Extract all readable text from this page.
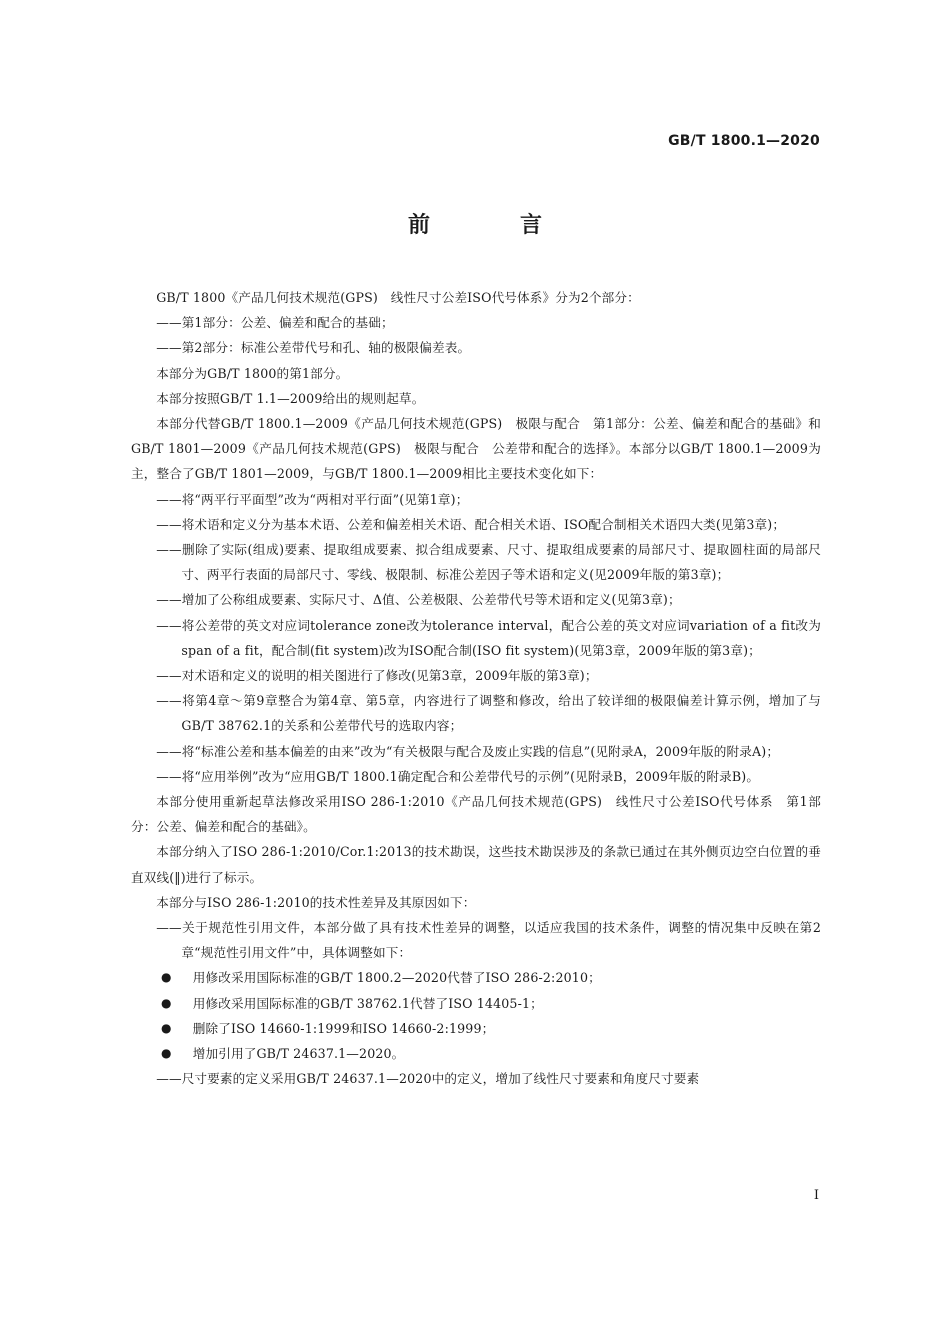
GB/T 1800.1—2020
前　言

GB/T 1800《产品几何技术规范(GPS)　线性尺寸公差ISO代号体系》分为2个部分：

——第1部分：公差、偏差和配合的基础；

——第2部分：标准公差带代号和孔、轴的极限偏差表。

本部分为GB/T 1800的第1部分。

本部分按照GB/T 1.1—2009给出的规则起草。

本部分代替GB/T 1800.1—2009《产品几何技术规范(GPS)　极限与配合　第1部分：公差、偏差和配合的基础》和GB/T 1801—2009《产品几何技术规范(GPS)　极限与配合　公差带和配合的选择》。本部分以GB/T 1800.1—2009为主，整合了GB/T 1801—2009，与GB/T 1800.1—2009相比主要技术变化如下：

——将“两平行平面型”改为“两相对平行面”(见第1章)；

——将术语和定义分为基本术语、公差和偏差相关术语、配合相关术语、ISO配合制相关术语四大类(见第3章)；

——删除了实际(组成)要素、提取组成要素、拟合组成要素、尺寸、提取组成要素的局部尺寸、提取圆柱面的局部尺寸、两平行表面的局部尺寸、零线、极限制、标准公差因子等术语和定义(见2009年版的第3章)；

——增加了公称组成要素、实际尺寸、Δ值、公差极限、公差带代号等术语和定义(见第3章)；

——将公差带的英文对应词tolerance zone改为tolerance interval，配合公差的英文对应词variation of a fit改为span of a fit，配合制(fit system)改为ISO配合制(ISO fit system)(见第3章，2009年版的第3章)；

——对术语和定义的说明的相关图进行了修改(见第3章，2009年版的第3章)；

——将第4章～第9章整合为第4章、第5章，内容进行了调整和修改，给出了较详细的极限偏差计算示例，增加了与GB/T 38762.1的关系和公差带代号的选取内容；

——将“标准公差和基本偏差的由来”改为“有关极限与配合及废止实践的信息”(见附录A，2009年版的附录A)；

——将“应用举例”改为“应用GB/T 1800.1确定配合和公差带代号的示例”(见附录B，2009年版的附录B)。

本部分使用重新起草法修改采用ISO 286-1:2010《产品几何技术规范(GPS)　线性尺寸公差ISO代号体系　第1部分：公差、偏差和配合的基础》。

本部分纳入了ISO 286-1:2010/Cor.1:2013的技术勘误，这些技术勘误涉及的条款已通过在其外侧页边空白位置的垂直双线(‖)进行了标示。

本部分与ISO 286-1:2010的技术性差异及其原因如下：

——关于规范性引用文件，本部分做了具有技术性差异的调整，以适应我国的技术条件，调整的情况集中反映在第2章“规范性引用文件”中，具体调整如下：

● 用修改采用国际标准的GB/T 1800.2—2020代替了ISO 286-2:2010；
● 用修改采用国际标准的GB/T 38762.1代替了ISO 14405-1；
● 删除了ISO 14660-1:1999和ISO 14660-2:1999；
● 增加引用了GB/T 24637.1—2020。

——尺寸要素的定义采用GB/T 24637.1—2020中的定义，增加了线性尺寸要素和角度尺寸要素

I
